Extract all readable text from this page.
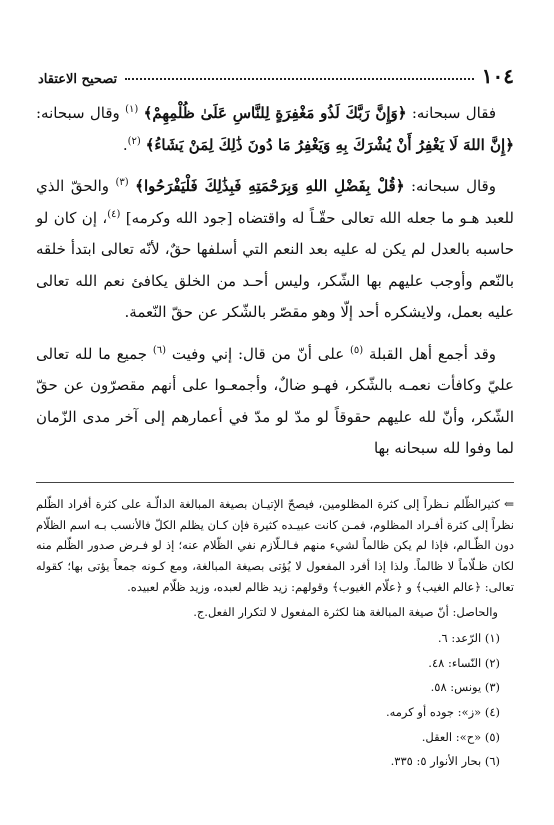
١٠٤
تصحيح الاعتقاد

فقال سبحانه: ﴿وَإِنَّ رَبَّكَ لَذُو مَغْفِرَةٍ لِلنَّاسِ عَلَىٰ ظُلْمِهِمْ﴾ $^{(١)}$ وقال سبحانه: ﴿إِنَّ اللهَ لَا يَغْفِرُ أَنْ يُشْرَكَ بِهِ وَيَغْفِرُ مَا دُونَ ذَٰلِكَ لِمَنْ يَشَاءُ﴾ $^{(٢)}$.

وقال سبحانه: ﴿قُلْ بِفَضْلِ اللهِ وَبِرَحْمَتِهِ فَبِذَٰلِكَ فَلْيَفْرَحُوا﴾ $^{(٣)}$ والحقّ الذي للعبد هـو ما جعله الله تعالى حقّـاً له واقتضاه [جود الله وكرمه] $^{(٤)}$، إن كان لو حاسبه بالعدل لم يكن له عليه بعد النعم التي أسلفها حقٌ، لأنّه تعالى ابتدأ خلقه بالنّعم وأوجب عليهم بها الشّكر، وليس أحـد من الخلق يكافئ نعم الله تعالى عليه بعمل، ولايشكره أحد إلّا وهو مقصّر بالشّكر عن حقّ النّعمة.

وقد أجمع أهل القبلة $^{(٥)}$ على أنّ من قال: إني وفيت $^{(٦)}$ جميع ما لله تعالى عليّ وكافأت نعمـه بالشّكر، فهـو ضالٌ، وأجمعـوا على أنهم مقصرّون عن حقّ الشّكر، وأنّ لله عليهم حقوقاً لو مدّ لو مدّ في أعمارهم إلى آخر مدى الزّمان لما وفوا لله سبحانه بها

⇐كثيرالظّلم نـظراً إلى كثرة المظلومين، فيصحّ الإتيـان بصيغة المبالغة الدالّـة على كثرة أفراد الظّلم نظراً إلى كثرة أفـراد المظلوم، فمـن كانت عبيـده كثيرة فإن كـان يظلم الكلّ فالأنسب بـه اسم الظلّام دون الظّـالم، فإذا لم يكن ظالماً لشيء منهم فـالـلّازم نفي الظّلام عنه؛ إذ لو فـرض صدور الظّلم منه لكان ظـلّاماً لا ظالماً. ولذا إذا أفرد المفعول لا يُؤتى بصيغة المبالغة، ومع كـونه جمعاً يؤتى بها؛ كقوله تعالى: ﴿عالم الغيب﴾ و ﴿علّام الغيوب﴾ وقولهم: زيد ظالم لعبده، وزيد ظلّام لعبيده.
والحاصل: أنّ صيغة المبالغة هنا لكثرة المفعول لا لتكرار الفعل.ج.
(١) الرّعد: ٦.
(٢) النّساء: ٤٨.
(٣) يونس: ٥٨.
(٤) «ز»: جوده أو كرمه.
(٥) «ح»: العقل.
(٦) بحار الأنوار ٥: ٣٣٥.
